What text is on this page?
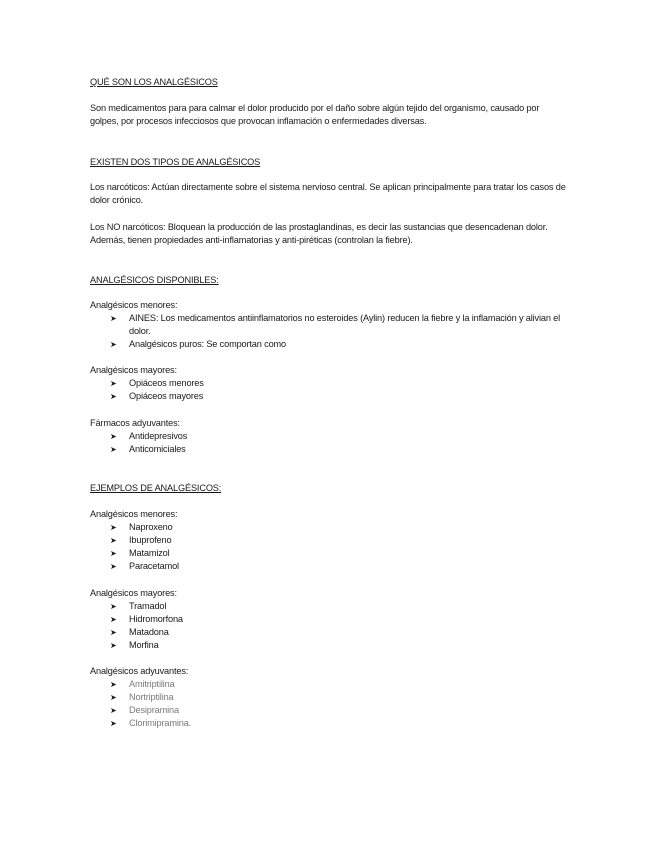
QUÉ SON LOS ANALGÉSICOS

Son medicamentos para para calmar el dolor producido por el daño sobre algún tejido del organismo, causado por golpes, por procesos infecciosos que provocan inflamación o enfermedades diversas.

EXISTEN DOS TIPOS DE ANALGÉSICOS

Los narcóticos: Actúan directamente sobre el sistema nervioso central. Se aplican principalmente para tratar los casos de dolor crónico.

Los NO narcóticos: Bloquean la producción de las prostaglandinas, es decir las sustancias que desencadenan dolor. Además, tienen propiedades anti-inflamatorias y anti-piréticas (controlan la fiebre).

ANALGÉSICOS DISPONIBLES:
Analgésicos menores:
➤ AINES: Los medicamentos antiinflamatorios no esteroides (Aylin) reducen la fiebre y la inflamación y alivian el dolor.
➤ Analgésicos puros: Se comportan como
Analgésicos mayores:
➤ Opiáceos menores
➤ Opiáceos mayores
Fármacos adyuvantes:
➤ Antidepresivos
➤ Anticomiciales
EJEMPLOS DE ANALGÉSICOS:
Analgésicos menores:
➤ Naproxeno
➤ Ibuprofeno
➤ Matamizol
➤ Paracetamol
Analgésicos mayores:
➤ Tramadol
➤ Hidromorfona
➤ Matadona
➤ Morfina
Analgésicos adyuvantes:
➤ Amitriptilina
➤ Nortriptilina
➤ Desipramina
➤ Clorimipramina.
